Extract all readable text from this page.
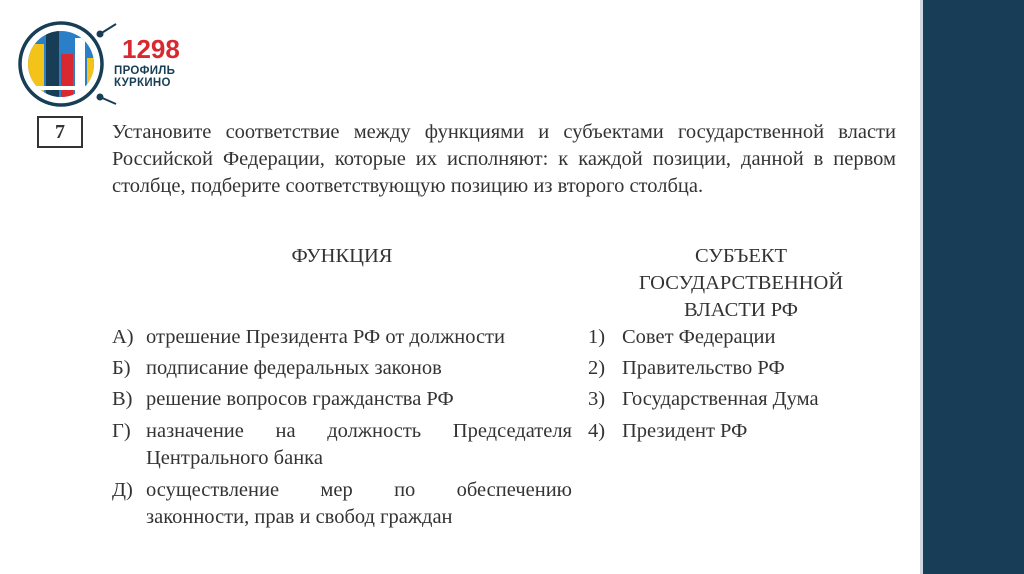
1298
ПРОФИЛЬ
КУРКИНО
7	Установите соответствие между функциями и субъектами государственной власти Российской Федерации, которые их исполняют: к каждой позиции, данной в первом столбце, подберите соответствующую позицию из второго столбца.
ФУНКЦИЯ	СУБЪЕКТ
ГОСУДАРСТВЕННОЙ
ВЛАСТИ РФ
А) отрешение Президента РФ от должности
Б) подписание федеральных законов
В) решение вопросов гражданства РФ
Г) назначение на должность Председателя
Центрального банка
Д) осуществление мер по обеспечению
законности, прав и свобод граждан
1) Совет Федерации
2) Правительство РФ
3) Государственная Дума
4) Президент РФ
